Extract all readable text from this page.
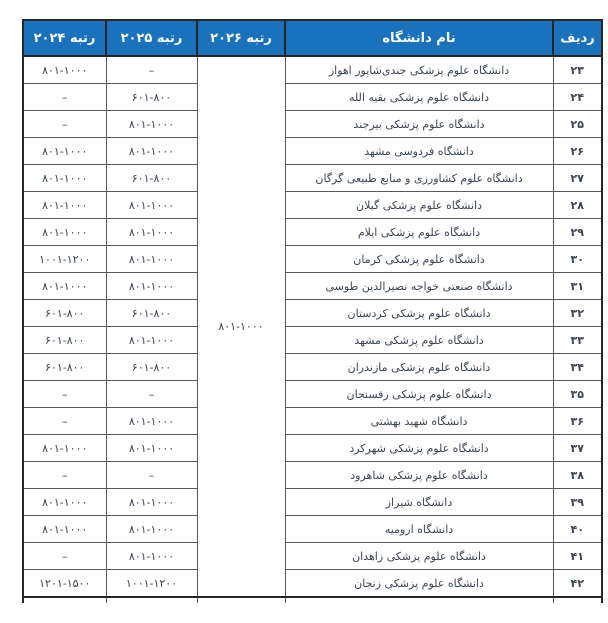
ردیف	نام دانشگاه	رتبه ۲۰۲۶	رتبه ۲۰۲۵	رتبه ۲۰۲۴
۲۳	دانشگاه علوم پزشکی جندی‌شاپور اهواز	۸۰۱-۱۰۰۰	–	۸۰۱-۱۰۰۰
۲۴	دانشگاه علوم پزشکی بقیه الله		۶۰۱-۸۰۰	–
۲۵	دانشگاه علوم پزشکی بیرجند		۸۰۱-۱۰۰۰	–
۲۶	دانشگاه فردوسی مشهد		۸۰۱-۱۰۰۰	۸۰۱-۱۰۰۰
۲۷	دانشگاه علوم کشاورزی و منابع طبیعی گرگان		۶۰۱-۸۰۰	۸۰۱-۱۰۰۰
۲۸	دانشگاه علوم پزشکی گیلان		۸۰۱-۱۰۰۰	۸۰۱-۱۰۰۰
۲۹	دانشگاه علوم پزشکی ایلام		۸۰۱-۱۰۰۰	۸۰۱-۱۰۰۰
۳۰	دانشگاه علوم پزشکی کرمان		۸۰۱-۱۰۰۰	۱۰۰۱-۱۲۰۰
۳۱	دانشگاه صنعتی خواجه نصیرالدین طوسی		۸۰۱-۱۰۰۰	۸۰۱-۱۰۰۰
۳۲	دانشگاه علوم پزشکی کردستان		۶۰۱-۸۰۰	۶۰۱-۸۰۰
۳۳	دانشگاه علوم پزشکی مشهد		۸۰۱-۱۰۰۰	۶۰۱-۸۰۰
۳۴	دانشگاه علوم پزشکی مازندران		۶۰۱-۸۰۰	۶۰۱-۸۰۰
۳۵	دانشگاه علوم پزشکی رفسنجان		–	–
۳۶	دانشگاه شهید بهشتی		۸۰۱-۱۰۰۰	–
۳۷	دانشگاه علوم پزشکی شهرکرد		۸۰۱-۱۰۰۰	۸۰۱-۱۰۰۰
۳۸	دانشگاه علوم پزشکی شاهرود		–	–
۳۹	دانشگاه شیراز		۸۰۱-۱۰۰۰	۸۰۱-۱۰۰۰
۴۰	دانشگاه ارومیه		۸۰۱-۱۰۰۰	۸۰۱-۱۰۰۰
۴۱	دانشگاه علوم پزشکی زاهدان		۸۰۱-۱۰۰۰	–
۴۲	دانشگاه علوم پزشکی زنجان		۱۰۰۱-۱۲۰۰	۱۲۰۱-۱۵۰۰
